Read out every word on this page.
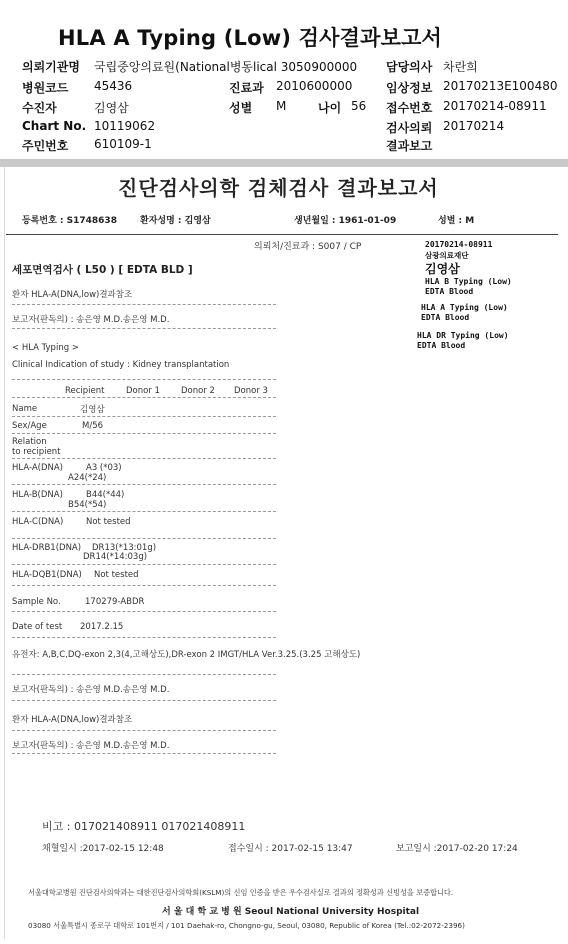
HLA A Typing (Low) 검사결과보고서
의뢰기관명 국립중앙의료원(National병동lical 3050900000
병원코드 45436
수진자	김영삼
Chart No. 10119062
주민번호 610109-1
진료과 2010600000
성별 M	나이 56
담당의사 차란희
임상정보 20170213E100480
접수번호 20170214-08911
검사의뢰 20170214
결과보고
진단검사의학 검체검사 결과보고서
등록번호 : S1748638	환자성명 : 김영삼	생년월일 : 1961-01-09	성별 : M
의뢰처/진료과 : S007 / CP
세포면역검사 ( L50 ) [ EDTA BLD ]
환자 HLA-A(DNA,low)결과참조
보고자(판독의) : 송은영 M.D.송은영 M.D.
< HLA Typing >
Clinical Indication of study : Kidney transplantation
Recipient	Donor 1 Donor 2 Donor 3
Name	김영삼
Sex/Age	M/56
Relation
to recipient
HLA-A(DNA)	A3 (*03)
A24(*24)
HLA-B(DNA)	B44(*44)
B54(*54)
HLA-C(DNA)	Not tested
HLA-DRB1(DNA) DR13(*13:01g)
DR14(*14:03g)
HLA-DQB1(DNA) Not tested
Sample No.	170279-ABDR
Date of test 2017.2.15
유전자: A,B,C,DQ-exon 2,3(4,고해상도),DR-exon 2 IMGT/HLA Ver.3.25.(3.25 고해상도)
보고자(판독의) : 송은영 M.D.송은영 M.D.
환자 HLA-A(DNA,low)결과참조
보고자(판독의) : 송은영 M.D.송은영 M.D.
20170214-08911
삼광의료재단
김영삼
HLA B Typing (Low)
EDTA Blood
HLA A Typing (Low)
EDTA Blood
HLA DR Typing (Low)
EDTA Blood
비고 : 017021408911 017021408911
채혈일시 :2017-02-15 12:48	접수일시 : 2017-02-15 13:47	보고일시 :2017-02-20 17:24
서울대학교병원 진단검사의학과는 대한진단검사의학회(KSLM)의 신임 인증을 받은 우수검사실로 결과의 정확성과 신빙성을 보증합니다.
서 울 대 학 교 병 원 Seoul National University Hospital
03080 서울특별시 종로구 대학로 101번지 / 101 Daehak-ro, Chongno-gu, Seoul, 03080, Republic of Korea (Tel.:02-2072-2396)
